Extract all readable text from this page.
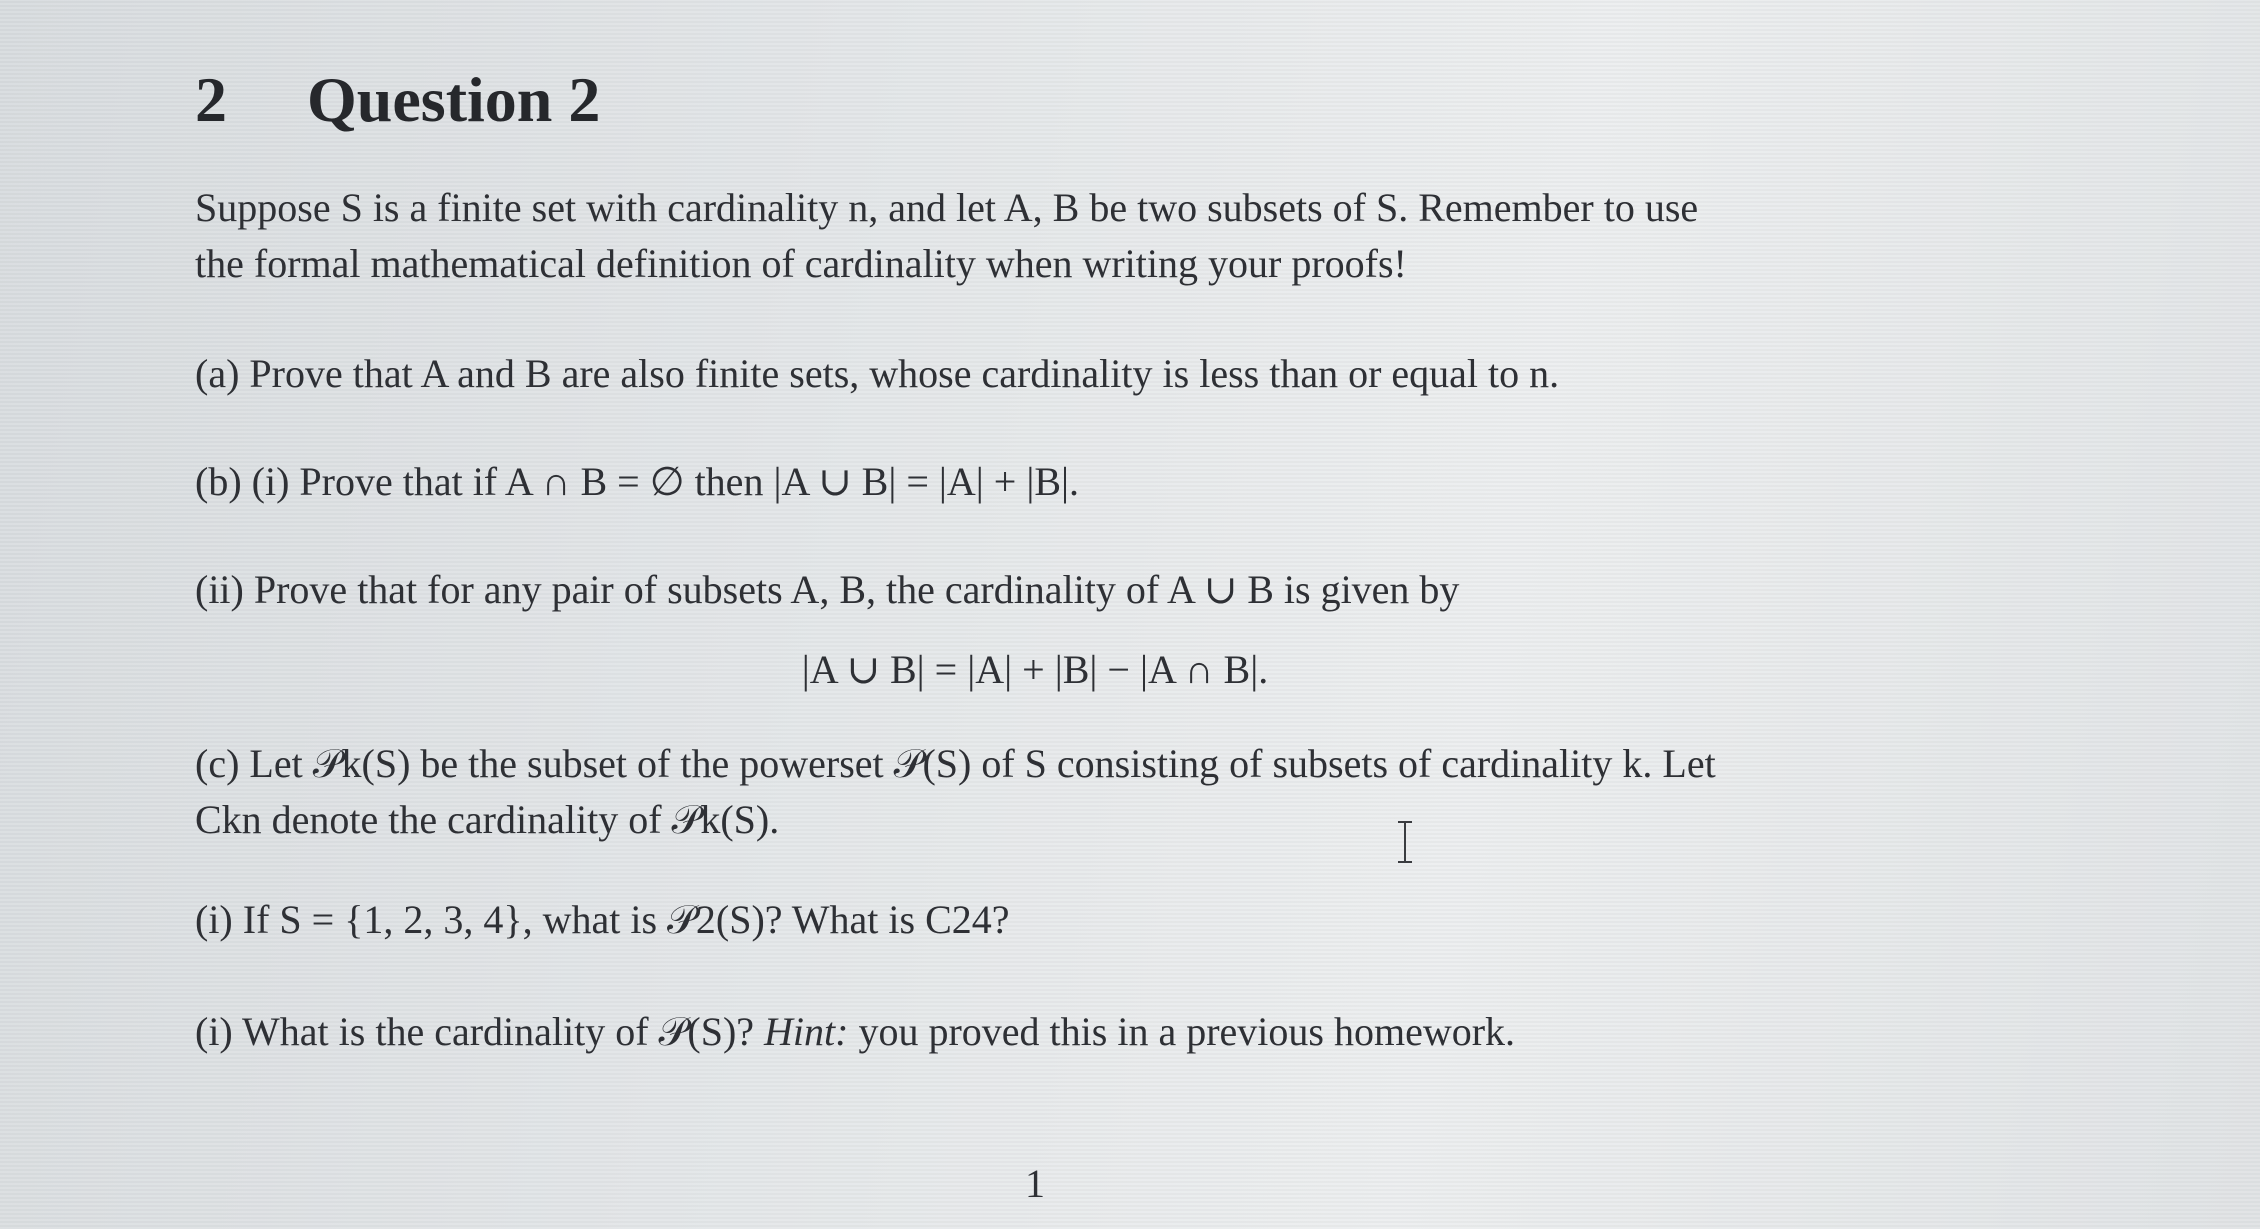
2 Question 2

Suppose S is a finite set with cardinality n, and let A, B be two subsets of S. Remember to use

the formal mathematical definition of cardinality when writing your proofs!

(a) Prove that A and B are also finite sets, whose cardinality is less than or equal to n.

(b) (i) Prove that if A ∩ B = ∅ then |A ∪ B| = |A| + |B|.

(ii) Prove that for any pair of subsets A, B, the cardinality of A ∪ B is given by

|A ∪ B| = |A| + |B| − |A ∩ B|.

(c) Let 𝒫k(S) be the subset of the powerset 𝒫(S) of S consisting of subsets of cardinality k. Let

Ckn denote the cardinality of 𝒫k(S).

(i) If S = {1, 2, 3, 4}, what is 𝒫2(S)? What is C24?

(i) What is the cardinality of 𝒫(S)? Hint: you proved this in a previous homework.

1
